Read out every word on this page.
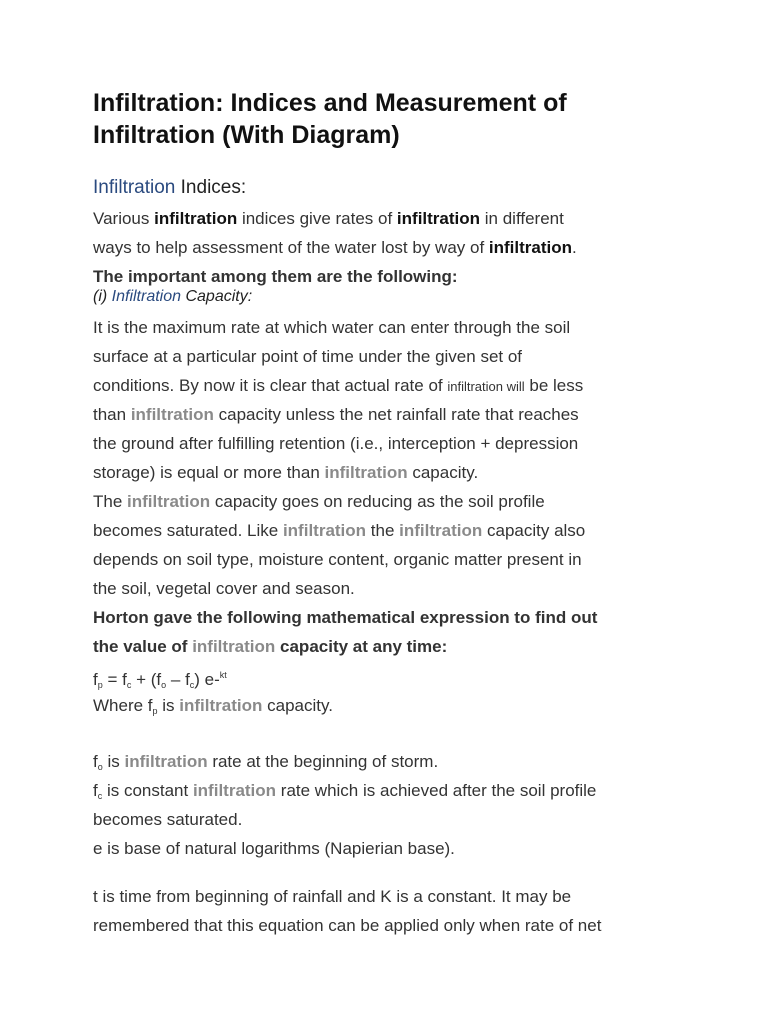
Infiltration: Indices and Measurement of Infiltration (With Diagram)
Infiltration Indices:
Various infiltration indices give rates of infiltration in different
ways to help assessment of the water lost by way of infiltration.
The important among them are the following:
(i) Infiltration Capacity:
It is the maximum rate at which water can enter through the soil
surface at a particular point of time under the given set of
conditions. By now it is clear that actual rate of infiltration will be less
than infiltration capacity unless the net rainfall rate that reaches
the ground after fulfilling retention (i.e., interception + depression
storage) is equal or more than infiltration capacity.
The infiltration capacity goes on reducing as the soil profile
becomes saturated. Like infiltration the infiltration capacity also
depends on soil type, moisture content, organic matter present in
the soil, vegetal cover and season.
Horton gave the following mathematical expression to find out
the value of infiltration capacity at any time:
$f_p = f_c + (f_o - f_c)$ e-$^{kt}$
Where $f_p$ is infiltration capacity.
$f_o$ is infiltration rate at the beginning of storm.
$f_c$ is constant infiltration rate which is achieved after the soil profile
becomes saturated.
e is base of natural logarithms (Napierian base).
t is time from beginning of rainfall and K is a constant. It may be
remembered that this equation can be applied only when rate of net
